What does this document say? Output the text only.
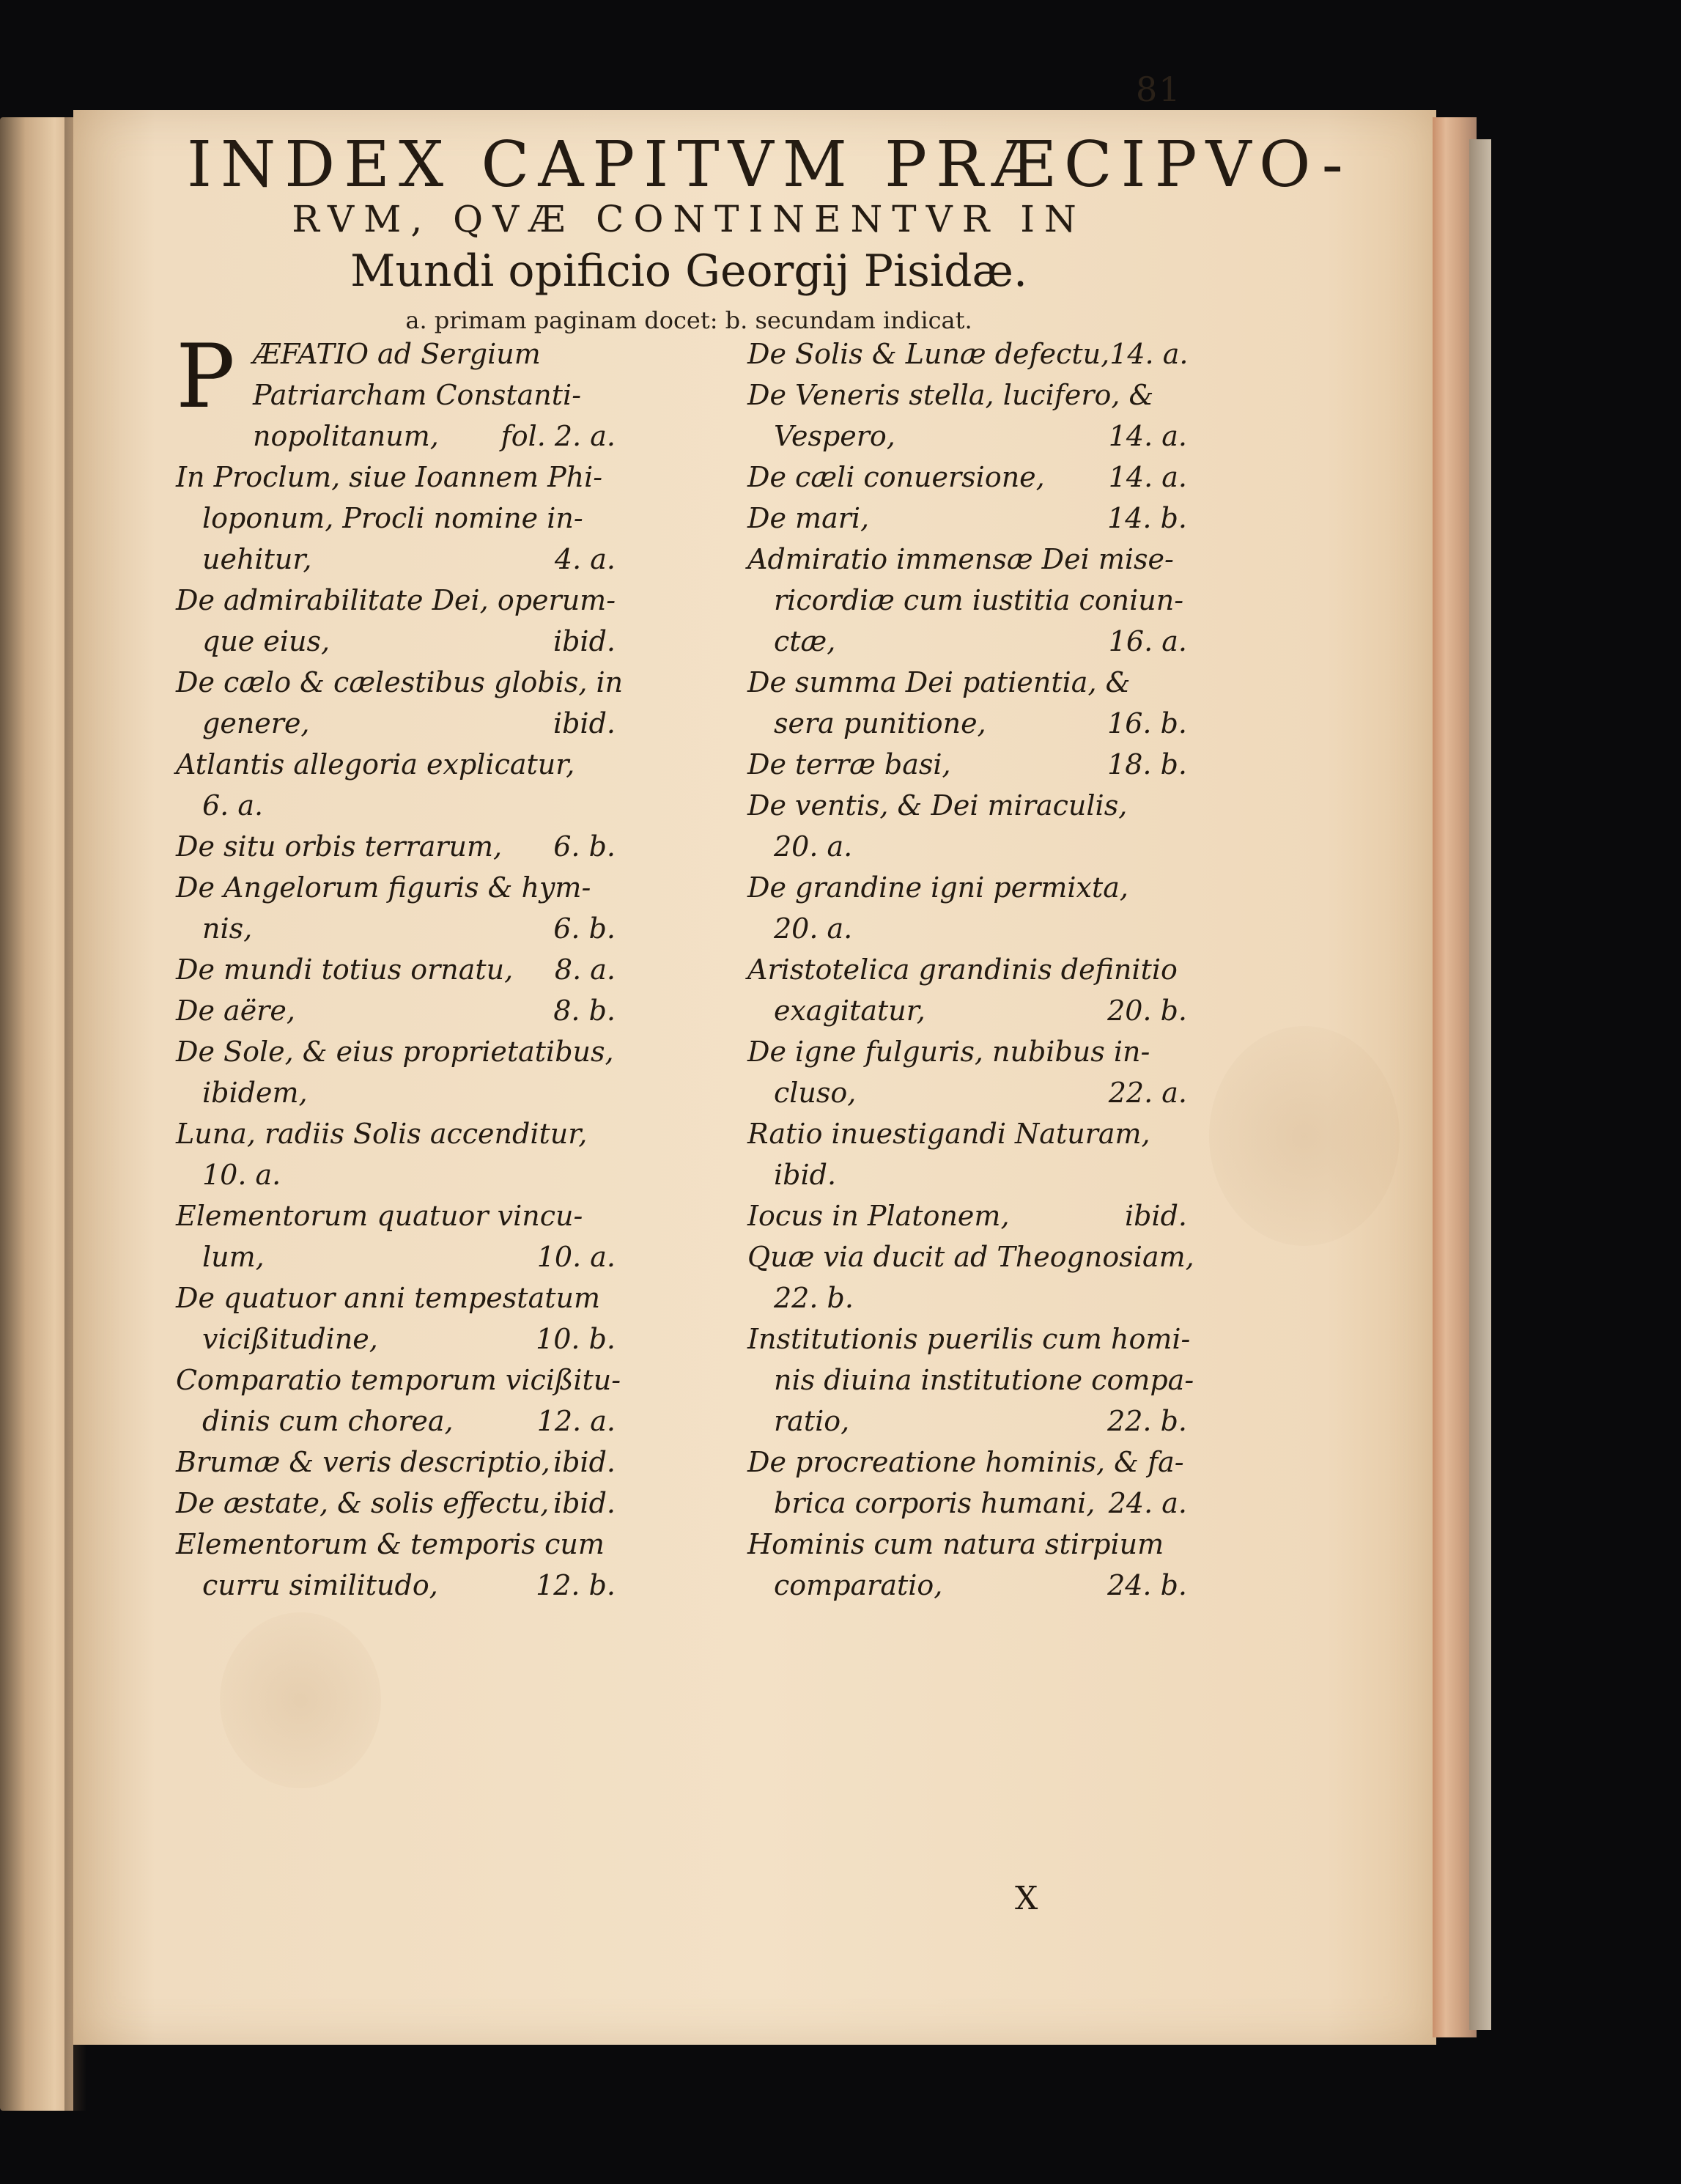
81
INDEX CAPITVM PRÆCIPVO-
RVM, QVÆ CONTINENTVR IN
Mundi opificio Georgij Pisidæ.
a. primam paginam docet: b. secundam indicat.
P ÆFATIO ad Sergium
Patriarcham Constanti-
nopolitanum, fol. 2. a.
In Proclum, siue Ioannem Phi-
loponum, Procli nomine in-
uehitur,	4. a.
De admirabilitate Dei, operum-
que eius,	ibid.
De cælo & cælestibus globis, in
genere,	ibid.
Atlantis allegoria explicatur,
6. a.
De situ orbis terrarum, 6. b.
De Angelorum figuris & hym-
nis,	6. b.
De mundi totius ornatu, 8. a.
De aëre,	8. b.
De Sole, & eius proprietatibus,
ibidem,
Luna, radiis Solis accenditur,
10. a.
Elementorum quatuor vincu-
lum,	10. a.
De quatuor anni tempestatum
vicißitudine,	10. b.
Comparatio temporum vicißitu-
dinis cum chorea,	12. a.
Brumæ & veris descriptio, ibid.
De æstate, & solis effectu, ibid.
Elementorum & temporis cum
curru similitudo,	12. b.
De Solis & Lunæ defectu, 14. a.
De Veneris stella, lucifero, &
Vespero,	14. a.
De cæli conuersione, 14. a.
De mari,	14. b.
Admiratio immensæ Dei mise-
ricordiæ cum iustitia coniun-
ctæ,	16. a.
De summa Dei patientia, &
sera punitione,	16. b.
De terræ basi,	18. b.
De ventis, & Dei miraculis,
20. a.
De grandine igni permixta,
20. a.
Aristotelica grandinis definitio
exagitatur,	20. b.
De igne fulguris, nubibus in-
cluso,	22. a.
Ratio inuestigandi Naturam,
ibid.
Iocus in Platonem,	ibid.
Quæ via ducit ad Theognosiam,
22. b.
Institutionis puerilis cum homi-
nis diuina institutione compa-
ratio,	22. b.
De procreatione hominis, & fa-
brica corporis humani, 24. a.
Hominis cum natura stirpium
comparatio,	24. b.
X
